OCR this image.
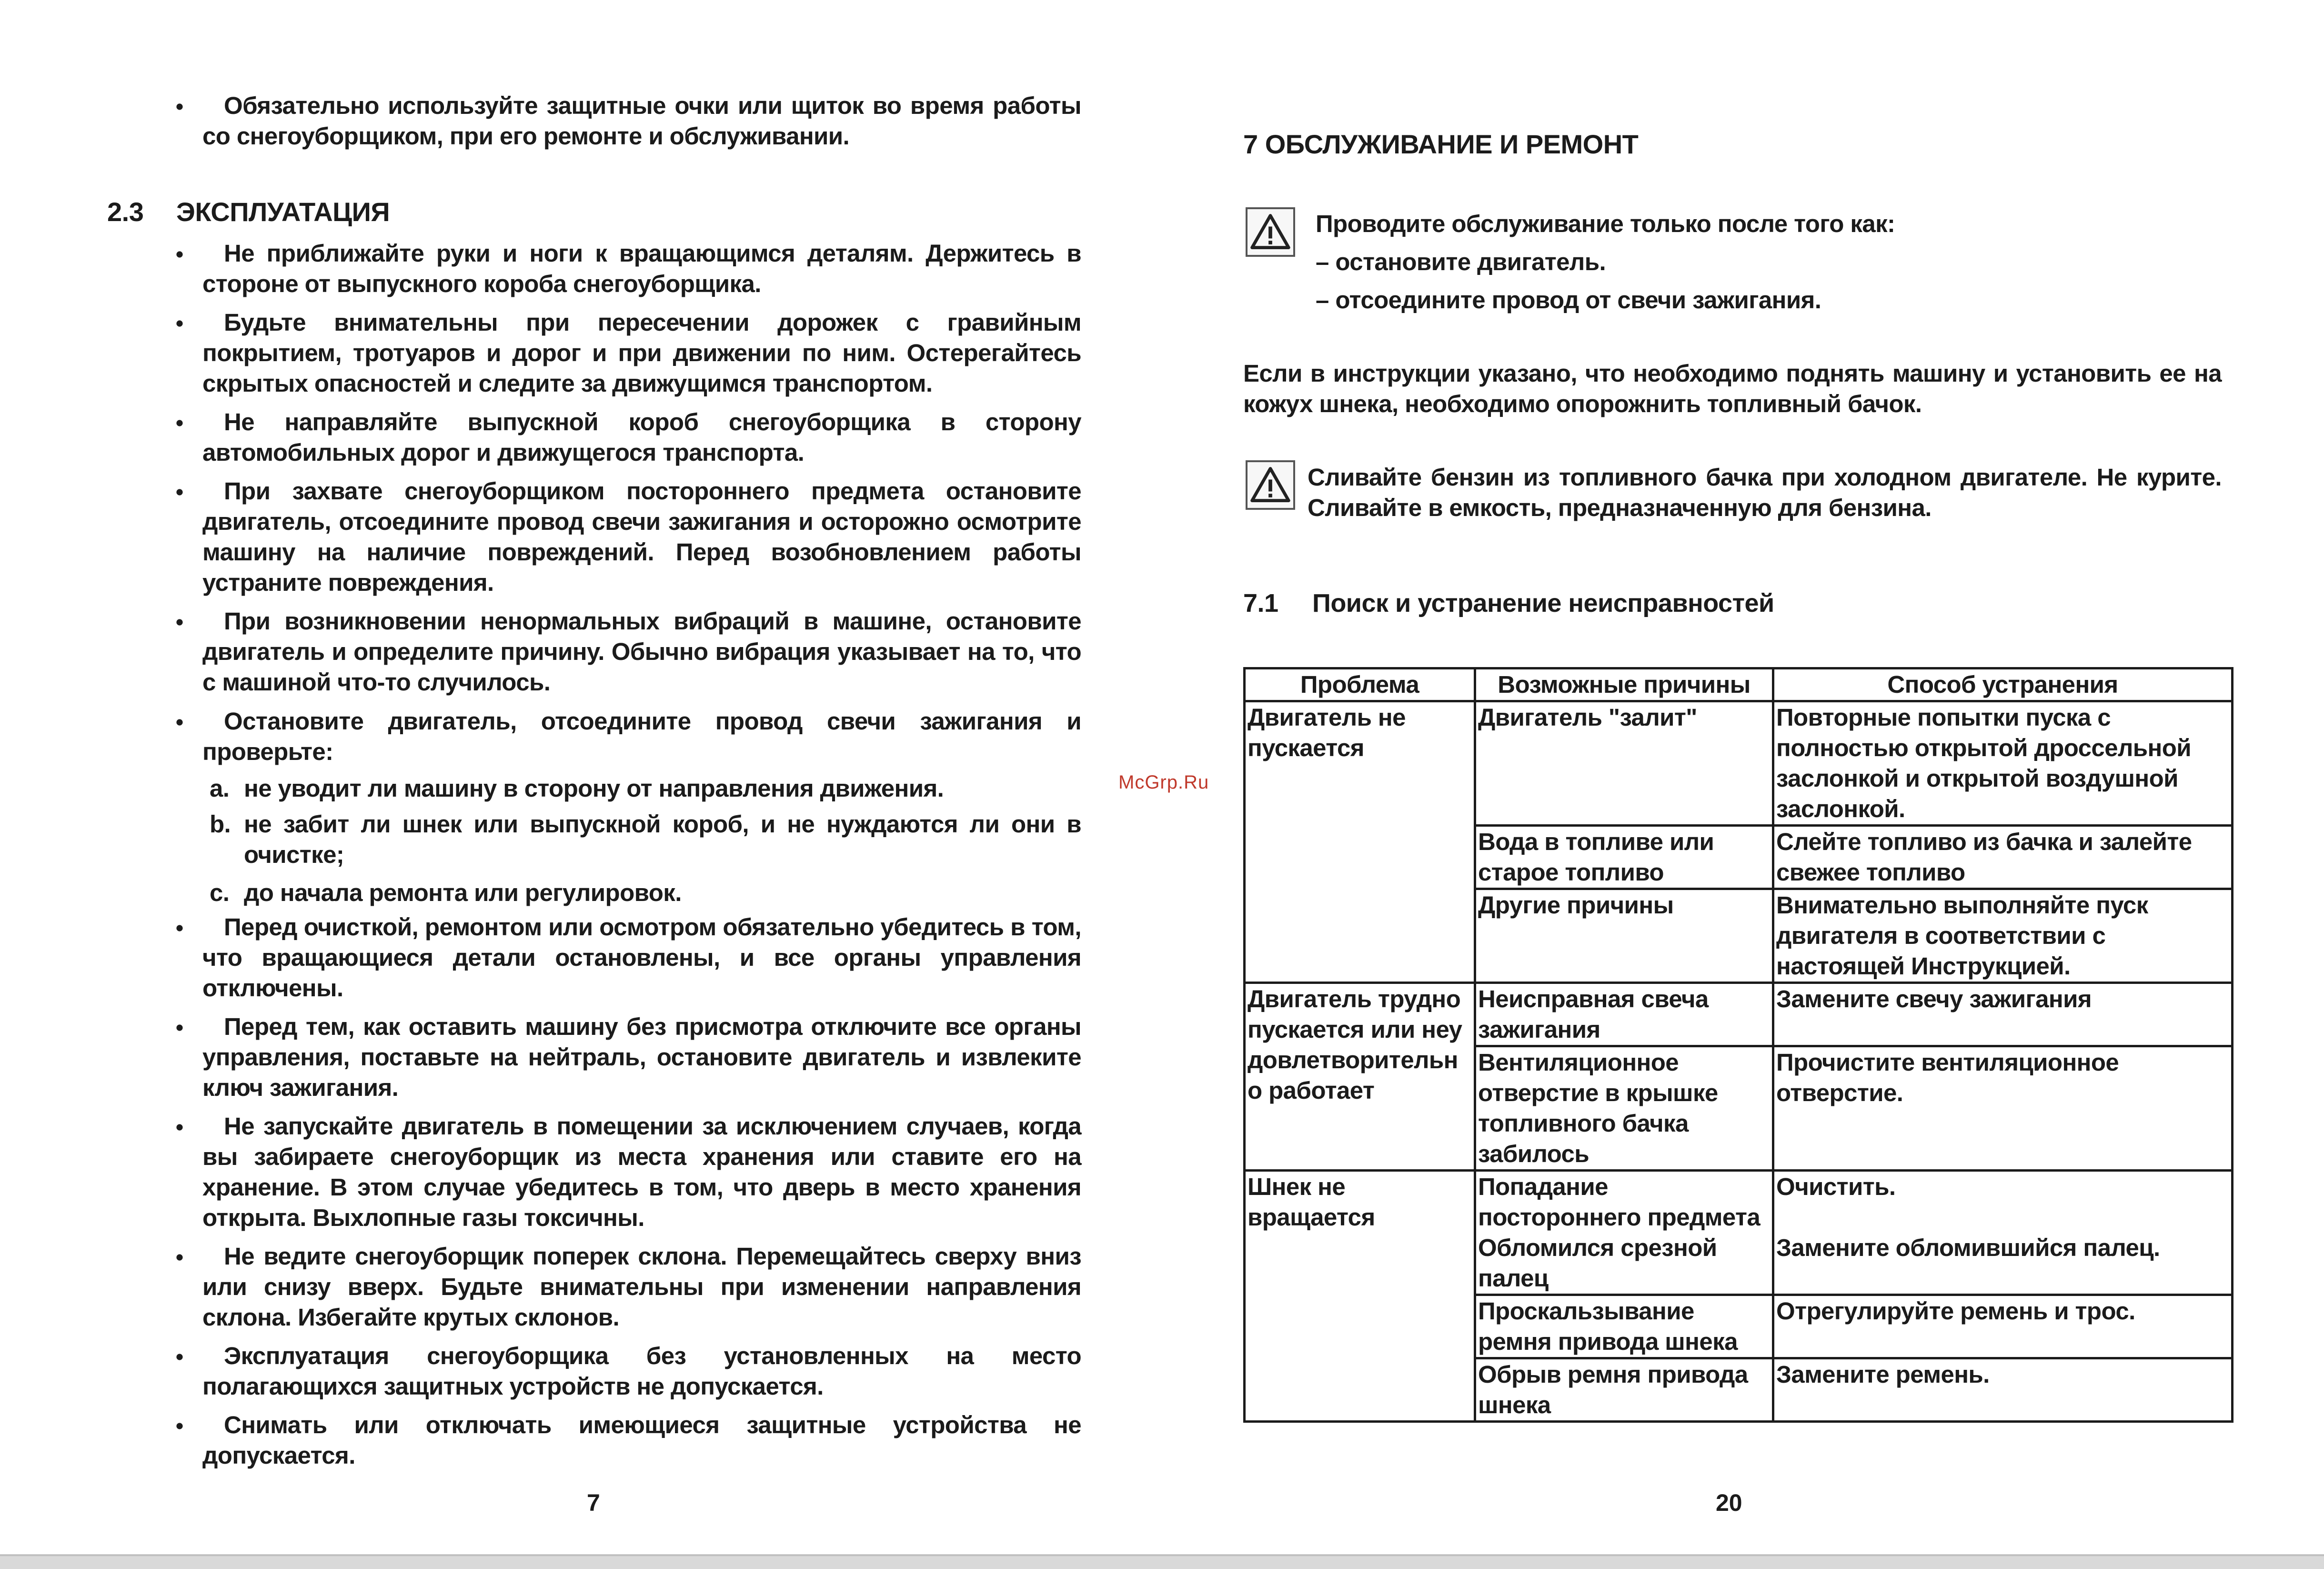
Обязательно используйте защитные очки или щиток во время работы со снегоуборщиком, при его ремонте и обслуживании.
2.3 ЭКСПЛУАТАЦИЯ
Не приближайте руки и ноги к вращающимся деталям. Держитесь в стороне от выпускного короба снегоуборщика.
Будьте внимательны при пересечении дорожек с гравийным покрытием, тротуаров и дорог и при движении по ним. Остерегайтесь скрытых опасностей и следите за движущимся транспортом.
Не направляйте выпускной короб снегоуборщика в сторону автомобильных дорог и движущегося транспорта.
При захвате снегоуборщиком постороннего предмета остановите двигатель, отсоедините провод свечи зажигания и осторожно осмотрите машину на наличие повреждений. Перед возобновлением работы устраните повреждения.
При возникновении ненормальных вибраций в машине, остановите двигатель и определите причину. Обычно вибрация указывает на то, что с машиной что-то случилось.
Остановите двигатель, отсоедините провод свечи зажигания и проверьте:
a. не уводит ли машину в сторону от направления движения.
b. не забит ли шнек или выпускной короб, и не нуждаются ли они в очистке;
c. до начала ремонта или регулировок.
Перед очисткой, ремонтом или осмотром обязательно убедитесь в том, что вращающиеся детали остановлены, и все органы управления отключены.
Перед тем, как оставить машину без присмотра отключите все органы управления, поставьте на нейтраль, остановите двигатель и извлеките ключ зажигания.
Не запускайте двигатель в помещении за исключением случаев, когда вы забираете снегоуборщик из места хранения или ставите его на хранение. В этом случае убедитесь в том, что дверь в место хранения открыта. Выхлопные газы токсичны.
Не ведите снегоуборщик поперек склона. Перемещайтесь сверху вниз или снизу вверх. Будьте внимательны при изменении направления склона. Избегайте крутых склонов.
Эксплуатация снегоуборщика без установленных на место полагающихся защитных устройств не допускается.
Снимать или отключать имеющиеся защитные устройства не допускается.
7
McGrp.Ru
7 ОБСЛУЖИВАНИЕ И РЕМОНТ
Проводите обслуживание только после того как:
– остановите двигатель.
– отсоедините провод от свечи зажигания.
Если в инструкции указано, что необходимо поднять машину и установить ее на кожух шнека, необходимо опорожнить топливный бачок.
Сливайте бензин из топливного бачка при холодном двигателе. Не курите. Сливайте в емкость, предназначенную для бензина.
7.1 Поиск и устранение неисправностей
Проблема	Возможные причины	Способ устранения
Двигатель не пускается	Двигатель "залит"	Повторные попытки пуска с полностью открытой дроссельной заслонкой и открытой воздушной заслонкой.
	Вода в топливе или старое топливо	Слейте топливо из бачка и залейте свежее топливо
	Другие причины	Внимательно выполняйте пуск двигателя в соответствии с настоящей Инструкцией.
Двигатель трудно пускается или неудовлетворительно работает	Неисправная свеча зажигания	Замените свечу зажигания
	Вентиляционное отверстие в крышке топливного бачка забилось	Прочистите вентиляционное отверстие.
Шнек не вращается	Попадание постороннего предмета	Очистить.
	Обломился срезной палец	Замените обломившийся палец.
	Проскальзывание ремня привода шнека	Отрегулируйте ремень и трос.
	Обрыв ремня привода шнека	Замените ремень.
20
